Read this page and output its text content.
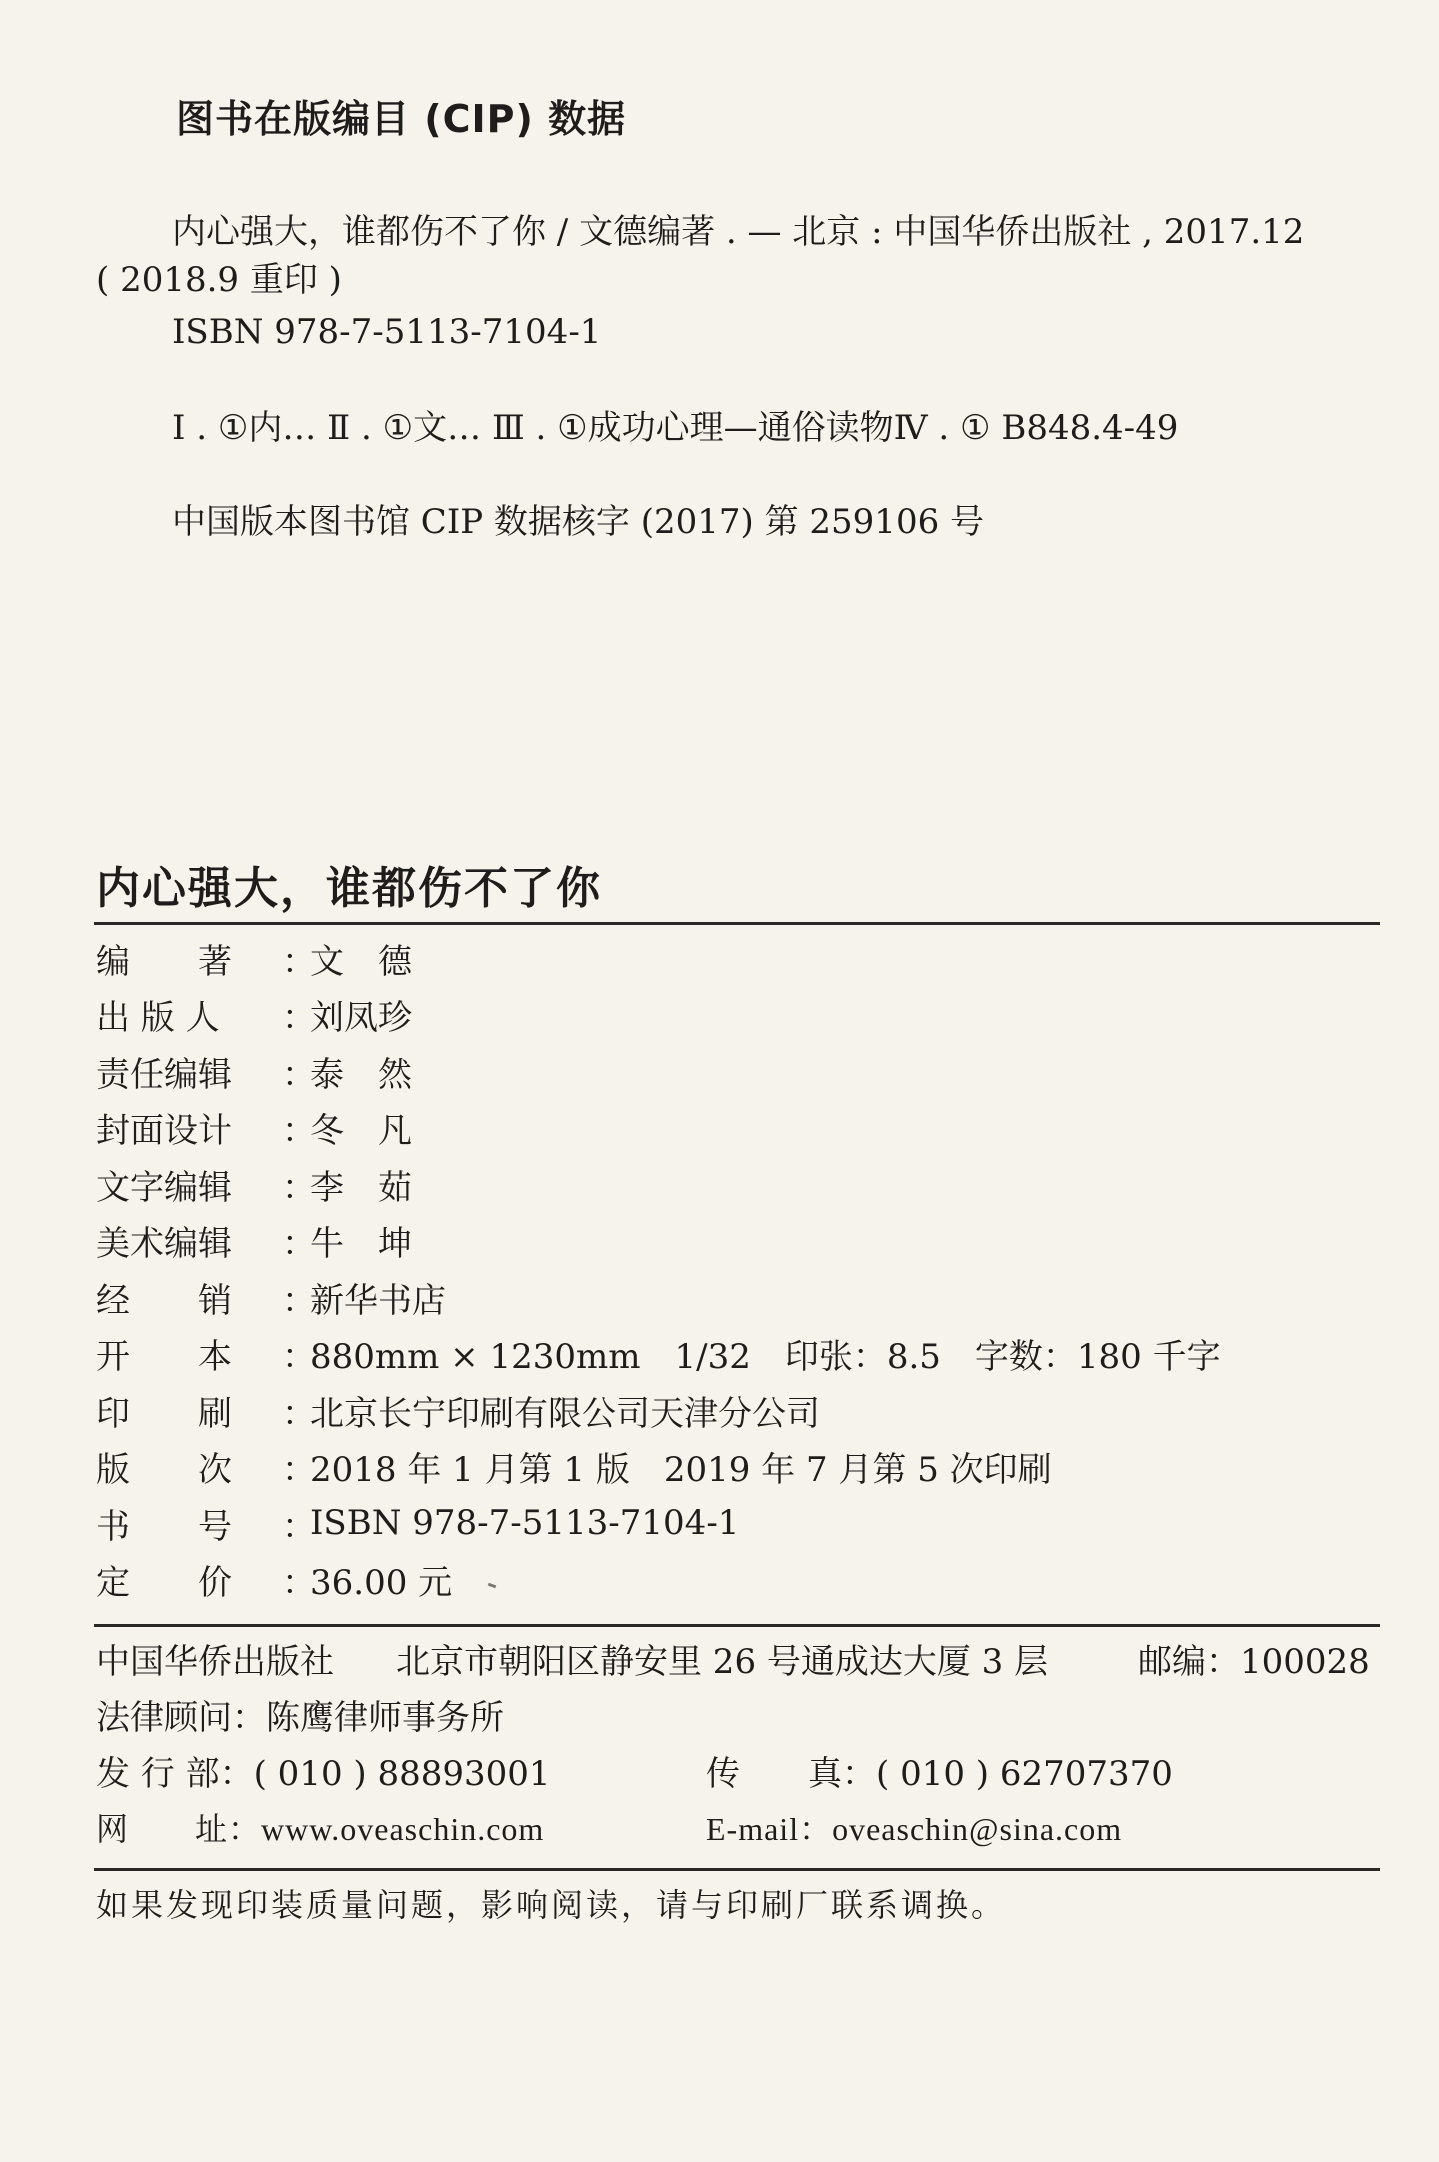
图书在版编目 (CIP) 数据
内心强大，谁都伤不了你 / 文德编著 . — 北京 : 中国华侨出版社 , 2017.12
( 2018.9 重印 )
ISBN 978-7-5113-7104-1
Ⅰ . ①内… Ⅱ . ①文… Ⅲ . ①成功心理—通俗读物Ⅳ . ① B848.4-49
中国版本图书馆 CIP 数据核字 (2017) 第 259106 号
内心强大，谁都伤不了你
编　　著	：
文　德
出 版 人	：
刘凤珍
责任编辑	：
泰　然
封面设计	：
冬　凡
文字编辑	：
李　茹
美术编辑	：
牛　坤
经　　销	：
新华书店
开　　本	：
880mm × 1230mm　1/32　印张：8.5　字数：180 千字
印　　刷	：
北京长宁印刷有限公司天津分公司
版　　次	：
2018 年 1 月第 1 版　2019 年 7 月第 5 次印刷
书　　号	：
ISBN 978-7-5113-7104-1
定　　价	：
36.00 元
中国华侨出版社 北京市朝阳区静安里 26 号通成达大厦 3 层	邮编：100028
法律顾问：陈鹰律师事务所
发 行 部：( 010 ) 88893001	传　　真：( 010 ) 62707370
网　　址：www.oveaschin.com	E-mail：oveaschin@sina.com
如果发现印装质量问题，影响阅读，请与印刷厂联系调换。
